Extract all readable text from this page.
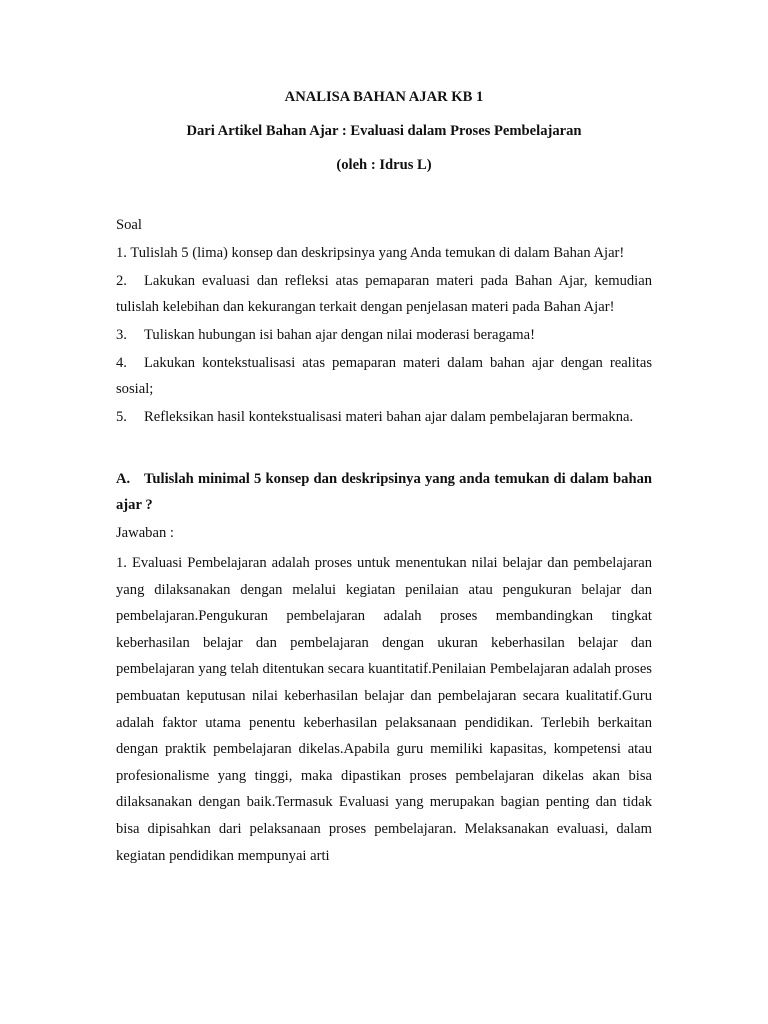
ANALISA BAHAN AJAR KB 1

Dari Artikel Bahan Ajar : Evaluasi dalam Proses Pembelajaran

(oleh : Idrus L)

Soal

1. Tulislah 5 (lima) konsep dan deskripsinya yang Anda temukan di dalam Bahan Ajar!

2. Lakukan evaluasi dan refleksi atas pemaparan materi pada Bahan Ajar, kemudian tulislah kelebihan dan kekurangan terkait dengan penjelasan materi pada Bahan Ajar!

3. Tuliskan hubungan isi bahan ajar dengan nilai moderasi beragama!

4. Lakukan kontekstualisasi atas pemaparan materi dalam bahan ajar dengan realitas sosial;

5. Refleksikan hasil kontekstualisasi materi bahan ajar dalam pembelajaran bermakna.

A. Tulislah minimal 5 konsep dan deskripsinya yang anda temukan di dalam bahan ajar ?

Jawaban :

1. Evaluasi Pembelajaran adalah proses untuk menentukan nilai belajar dan pembelajaran yang dilaksanakan dengan melalui kegiatan penilaian atau pengukuran belajar dan pembelajaran.Pengukuran pembelajaran adalah proses membandingkan tingkat keberhasilan belajar dan pembelajaran dengan ukuran keberhasilan belajar dan pembelajaran yang telah ditentukan secara kuantitatif.Penilaian Pembelajaran adalah proses pembuatan keputusan nilai keberhasilan belajar dan pembelajaran secara kualitatif.Guru adalah faktor utama penentu keberhasilan pelaksanaan pendidikan. Terlebih berkaitan dengan praktik pembelajaran dikelas.Apabila guru memiliki kapasitas, kompetensi atau profesionalisme yang tinggi, maka dipastikan proses pembelajaran dikelas akan bisa dilaksanakan dengan baik.Termasuk Evaluasi yang merupakan bagian penting dan tidak bisa dipisahkan dari pelaksanaan proses pembelajaran. Melaksanakan evaluasi, dalam kegiatan pendidikan mempunyai arti
